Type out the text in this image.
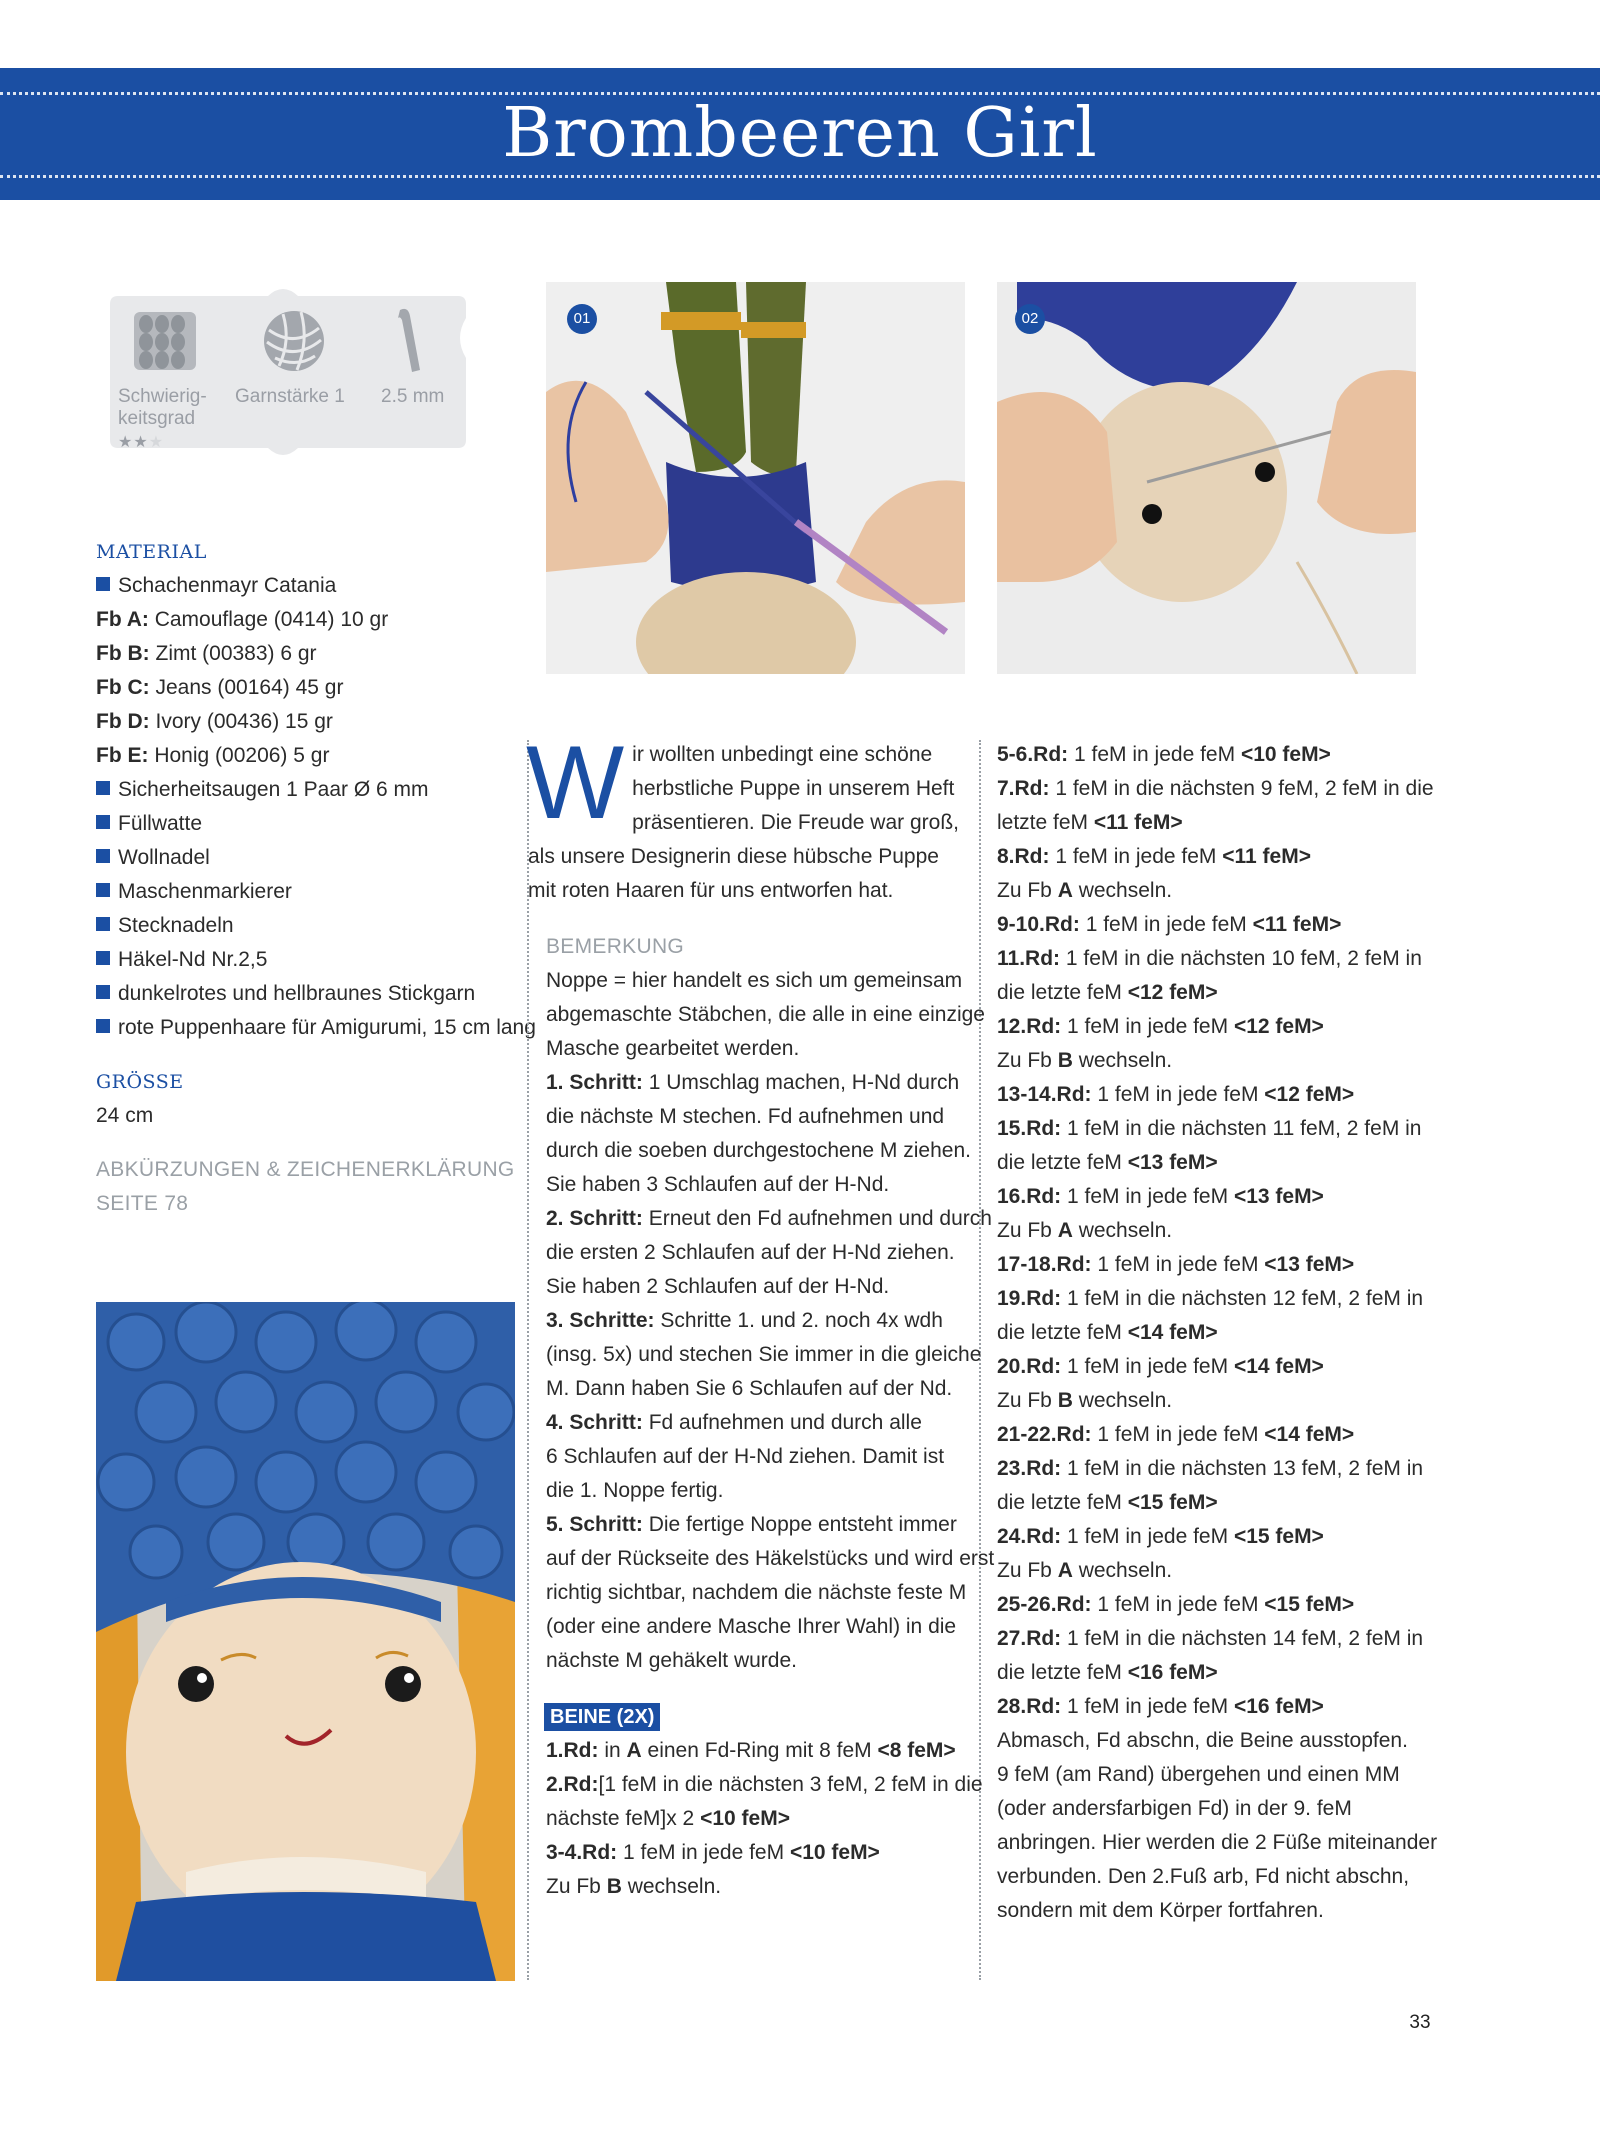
Brombeeren Girl
Schwierig-
keitsgrad
★★★
Garnstärke 1 2.5 mm

MATERIAL

Schachenmayr Catania

Fb A: Camouflage (0414) 10 gr

Fb B: Zimt (00383) 6 gr

Fb C: Jeans (00164) 45 gr

Fb D: Ivory (00436) 15 gr

Fb E: Honig (00206) 5 gr

Sicherheitsaugen 1 Paar Ø 6 mm

Füllwatte

Wollnadel

Maschenmarkierer

Stecknadeln

Häkel-Nd Nr.2,5

dunkelrotes und hellbraunes Stickgarn

rote Puppenhaare für Amigurumi, 15 cm lang

GRÖSSE

24 cm

ABKÜRZUNGEN & ZEICHENERKLÄRUNG

SEITE 78

01	02
W ir wollten unbedingt eine schöne

herbstliche Puppe in unserem Heft

präsentieren. Die Freude war groß,

als unsere Designerin diese hübsche Puppe

mit roten Haaren für uns entworfen hat.

BEMERKUNG

Noppe = hier handelt es sich um gemeinsam

abgemaschte Stäbchen, die alle in eine einzige

Masche gearbeitet werden.

1. Schritt: 1 Umschlag machen, H-Nd durch

die nächste M stechen. Fd aufnehmen und

durch die soeben durchgestochene M ziehen.

Sie haben 3 Schlaufen auf der H-Nd.

2. Schritt: Erneut den Fd aufnehmen und durch

die ersten 2 Schlaufen auf der H-Nd ziehen.

Sie haben 2 Schlaufen auf der H-Nd.

3. Schritte: Schritte 1. und 2. noch 4x wdh

(insg. 5x) und stechen Sie immer in die gleiche

M. Dann haben Sie 6 Schlaufen auf der Nd.

4. Schritt: Fd aufnehmen und durch alle

6 Schlaufen auf der H-Nd ziehen. Damit ist

die 1. Noppe fertig.

5. Schritt: Die fertige Noppe entsteht immer

auf der Rückseite des Häkelstücks und wird erst

richtig sichtbar, nachdem die nächste feste M

(oder eine andere Masche Ihrer Wahl) in die

nächste M gehäkelt wurde.

BEINE (2X)

1.Rd: in A einen Fd-Ring mit 8 feM <8 feM>

2.Rd:[1 feM in die nächsten 3 feM, 2 feM in die

nächste feM]x 2 <10 feM>

3-4.Rd: 1 feM in jede feM <10 feM>

Zu Fb B wechseln.

5-6.Rd: 1 feM in jede feM <10 feM>

7.Rd: 1 feM in die nächsten 9 feM, 2 feM in die

letzte feM <11 feM>

8.Rd: 1 feM in jede feM <11 feM>

Zu Fb A wechseln.

9-10.Rd: 1 feM in jede feM <11 feM>

11.Rd: 1 feM in die nächsten 10 feM, 2 feM in

die letzte feM <12 feM>

12.Rd: 1 feM in jede feM <12 feM>

Zu Fb B wechseln.

13-14.Rd: 1 feM in jede feM <12 feM>

15.Rd: 1 feM in die nächsten 11 feM, 2 feM in

die letzte feM <13 feM>

16.Rd: 1 feM in jede feM <13 feM>

Zu Fb A wechseln.

17-18.Rd: 1 feM in jede feM <13 feM>

19.Rd: 1 feM in die nächsten 12 feM, 2 feM in

die letzte feM <14 feM>

20.Rd: 1 feM in jede feM <14 feM>

Zu Fb B wechseln.

21-22.Rd: 1 feM in jede feM <14 feM>

23.Rd: 1 feM in die nächsten 13 feM, 2 feM in

die letzte feM <15 feM>

24.Rd: 1 feM in jede feM <15 feM>

Zu Fb A wechseln.

25-26.Rd: 1 feM in jede feM <15 feM>

27.Rd: 1 feM in die nächsten 14 feM, 2 feM in

die letzte feM <16 feM>

28.Rd: 1 feM in jede feM <16 feM>

Abmasch, Fd abschn, die Beine ausstopfen.

9 feM (am Rand) übergehen und einen MM

(oder andersfarbigen Fd) in der 9. feM

anbringen. Hier werden die 2 Füße miteinander

verbunden. Den 2.Fuß arb, Fd nicht abschn,

sondern mit dem Körper fortfahren.

33
